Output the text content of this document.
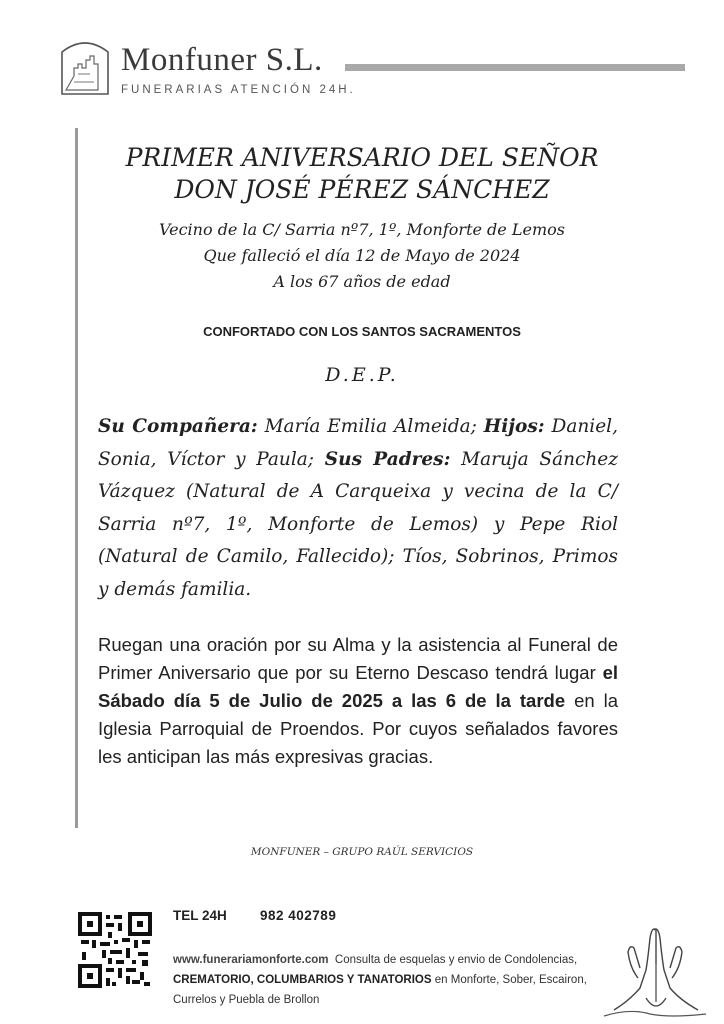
Monfuner S.L.
FUNERARIAS ATENCIÓN 24H.
PRIMER ANIVERSARIO DEL SEÑOR
DON JOSÉ PÉREZ SÁNCHEZ
Vecino de la C/ Sarria nº7, 1º, Monforte de Lemos
Que falleció el día 12 de Mayo de 2024
A los 67 años de edad
CONFORTADO CON LOS SANTOS SACRAMENTOS
D.E.P.

Su Compañera: María Emilia Almeida; Hijos: Daniel, Sonia, Víctor y Paula; Sus Padres: Maruja Sánchez Vázquez (Natural de A Carqueixa y vecina de la C/ Sarria nº7, 1º, Monforte de Lemos) y Pepe Riol (Natural de Camilo, Fallecido); Tíos, Sobrinos, Primos y demás familia.

Ruegan una oración por su Alma y la asistencia al Funeral de Primer Aniversario que por su Eterno Descaso tendrá lugar el Sábado día 5 de Julio de 2025 a las 6 de la tarde en la Iglesia Parroquial de Proendos. Por cuyos señalados favores les anticipan las más expresivas gracias.

MONFUNER – GRUPO RAÚL SERVICIOS
TEL 24H 982 402789

www.funerariamonforte.com Consulta de esquelas y envio de Condolencias, CREMATORIO, COLUMBARIOS Y TANATORIOS en Monforte, Sober, Escairon, Currelos y Puebla de Brollon
